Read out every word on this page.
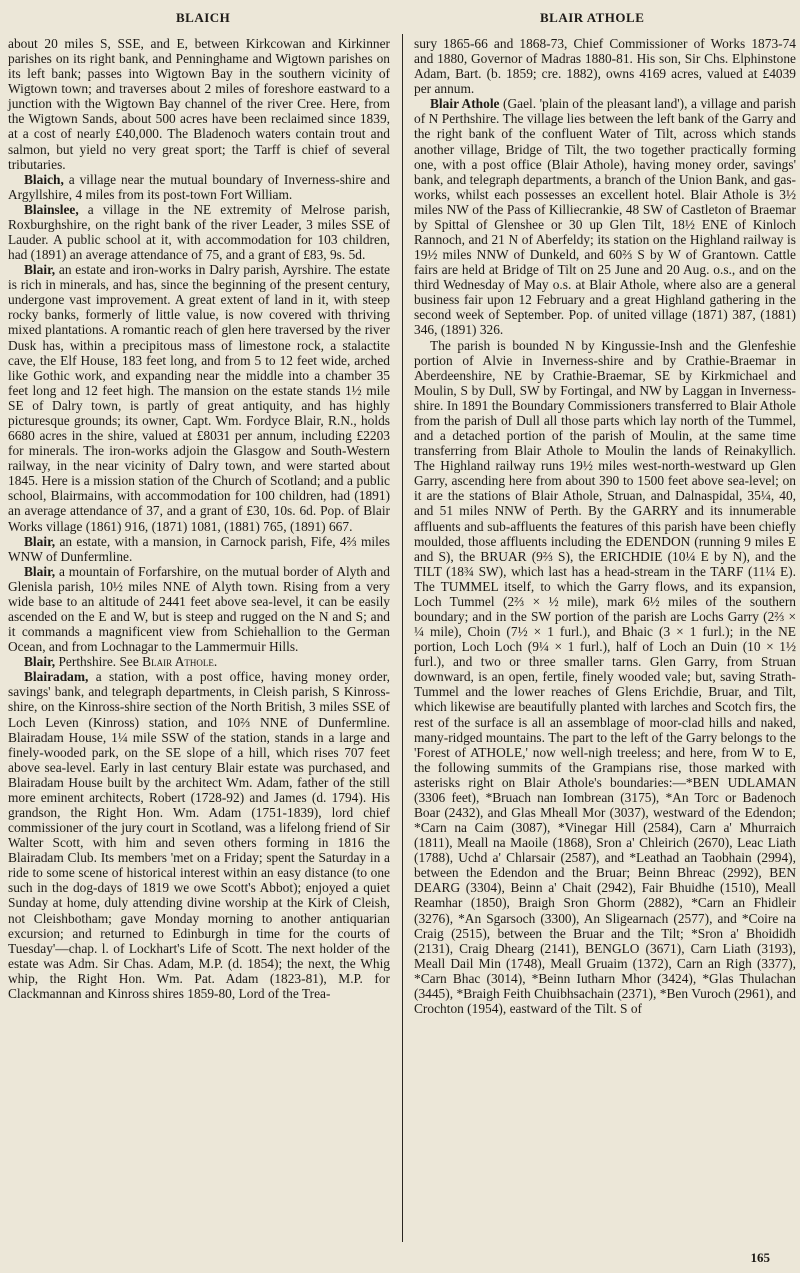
BLAICH	BLAIR ATHOLE

about 20 miles S, SSE, and E, between Kirkcowan and Kirkinner parishes on its right bank, and Penninghame and Wigtown parishes on its left bank; passes into Wigtown Bay in the southern vicinity of Wigtown town; and traverses about 2 miles of foreshore eastward to a junction with the Wigtown Bay channel of the river Cree. Here, from the Wigtown Sands, about 500 acres have been reclaimed since 1839, at a cost of nearly £40,000. The Bladenoch waters contain trout and salmon, but yield no very great sport; the Tarff is chief of several tributaries.

Blaich, a village near the mutual boundary of Inverness-shire and Argyllshire, 4 miles from its post-town Fort William.

Blainslee, a village in the NE extremity of Melrose parish, Roxburghshire, on the right bank of the river Leader, 3 miles SSE of Lauder. A public school at it, with accommodation for 103 children, had (1891) an average attendance of 75, and a grant of £83, 9s. 5d.

Blair, an estate and iron-works in Dalry parish, Ayrshire. The estate is rich in minerals, and has, since the beginning of the present century, undergone vast improvement. A great extent of land in it, with steep rocky banks, formerly of little value, is now covered with thriving mixed plantations. A romantic reach of glen here traversed by the river Dusk has, within a precipitous mass of limestone rock, a stalactite cave, the Elf House, 183 feet long, and from 5 to 12 feet wide, arched like Gothic work, and expanding near the middle into a chamber 35 feet long and 12 feet high. The mansion on the estate stands 1½ mile SE of Dalry town, is partly of great antiquity, and has highly picturesque grounds; its owner, Capt. Wm. Fordyce Blair, R.N., holds 6680 acres in the shire, valued at £8031 per annum, including £2203 for minerals. The iron-works adjoin the Glasgow and South-Western railway, in the near vicinity of Dalry town, and were started about 1845. Here is a mission station of the Church of Scotland; and a public school, Blairmains, with accommodation for 100 children, had (1891) an average attendance of 37, and a grant of £30, 10s. 6d. Pop. of Blair Works village (1861) 916, (1871) 1081, (1881) 765, (1891) 667.

Blair, an estate, with a mansion, in Carnock parish, Fife, 4⅔ miles WNW of Dunfermline.

Blair, a mountain of Forfarshire, on the mutual border of Alyth and Glenisla parish, 10½ miles NNE of Alyth town. Rising from a very wide base to an altitude of 2441 feet above sea-level, it can be easily ascended on the E and W, but is steep and rugged on the N and S; and it commands a magnificent view from Schiehallion to the German Ocean, and from Lochnagar to the Lammermuir Hills.

Blair, Perthshire. See Blair Athole.

Blairadam, a station, with a post office, having money order, savings' bank, and telegraph departments, in Cleish parish, S Kinross-shire, on the Kinross-shire section of the North British, 3 miles SSE of Loch Leven (Kinross) station, and 10⅔ NNE of Dunfermline. Blairadam House, 1¼ mile SSW of the station, stands in a large and finely-wooded park, on the SE slope of a hill, which rises 707 feet above sea-level. Early in last century Blair estate was purchased, and Blairadam House built by the architect Wm. Adam, father of the still more eminent architects, Robert (1728-92) and James (d. 1794). His grandson, the Right Hon. Wm. Adam (1751-1839), lord chief commissioner of the jury court in Scotland, was a lifelong friend of Sir Walter Scott, with him and seven others forming in 1816 the Blairadam Club. Its members 'met on a Friday; spent the Saturday in a ride to some scene of historical interest within an easy distance (to one such in the dog-days of 1819 we owe Scott's Abbot); enjoyed a quiet Sunday at home, duly attending divine worship at the Kirk of Cleish, not Cleishbotham; gave Monday morning to another antiquarian excursion; and returned to Edinburgh in time for the courts of Tuesday'—chap. l. of Lockhart's Life of Scott. The next holder of the estate was Adm. Sir Chas. Adam, M.P. (d. 1854); the next, the Whig whip, the Right Hon. Wm. Pat. Adam (1823-81), M.P. for Clackmannan and Kinross shires 1859-80, Lord of the Trea-

sury 1865-66 and 1868-73, Chief Commissioner of Works 1873-74 and 1880, Governor of Madras 1880-81. His son, Sir Chs. Elphinstone Adam, Bart. (b. 1859; cre. 1882), owns 4169 acres, valued at £4039 per annum.

Blair Athole (Gael. 'plain of the pleasant land'), a village and parish of N Perthshire. The village lies between the left bank of the Garry and the right bank of the confluent Water of Tilt, across which stands another village, Bridge of Tilt, the two together practically forming one, with a post office (Blair Athole), having money order, savings' bank, and telegraph departments, a branch of the Union Bank, and gas-works, whilst each possesses an excellent hotel. Blair Athole is 3½ miles NW of the Pass of Killiecrankie, 48 SW of Castleton of Braemar by Spittal of Glenshee or 30 up Glen Tilt, 18½ ENE of Kinloch Rannoch, and 21 N of Aberfeldy; its station on the Highland railway is 19½ miles NNW of Dunkeld, and 60⅔ S by W of Grantown. Cattle fairs are held at Bridge of Tilt on 25 June and 20 Aug. o.s., and on the third Wednesday of May o.s. at Blair Athole, where also are a general business fair upon 12 February and a great Highland gathering in the second week of September. Pop. of united village (1871) 387, (1881) 346, (1891) 326.

The parish is bounded N by Kingussie-Insh and the Glenfeshie portion of Alvie in Inverness-shire and by Crathie-Braemar in Aberdeenshire, NE by Crathie-Braemar, SE by Kirkmichael and Moulin, S by Dull, SW by Fortingal, and NW by Laggan in Inverness-shire. In 1891 the Boundary Commissioners transferred to Blair Athole from the parish of Dull all those parts which lay north of the Tummel, and a detached portion of the parish of Moulin, at the same time transferring from Blair Athole to Moulin the lands of Reinakyllich. The Highland railway runs 19½ miles west-north-westward up Glen Garry, ascending here from about 390 to 1500 feet above sea-level; on it are the stations of Blair Athole, Struan, and Dalnaspidal, 35¼, 40, and 51 miles NNW of Perth. By the GARRY and its innumerable affluents and sub-affluents the features of this parish have been chiefly moulded, those affluents including the EDENDON (running 9 miles E and S), the BRUAR (9⅔ S), the ERICHDIE (10¼ E by N), and the TILT (18¾ SW), which last has a head-stream in the TARF (11¼ E). The TUMMEL itself, to which the Garry flows, and its expansion, Loch Tummel (2⅔ × ½ mile), mark 6½ miles of the southern boundary; and in the SW portion of the parish are Lochs Garry (2⅔ × ¼ mile), Choin (7½ × 1 furl.), and Bhaic (3 × 1 furl.); in the NE portion, Loch Loch (9¼ × 1 furl.), half of Loch an Duin (10 × 1½ furl.), and two or three smaller tarns. Glen Garry, from Struan downward, is an open, fertile, finely wooded vale; but, saving Strath-Tummel and the lower reaches of Glens Erichdie, Bruar, and Tilt, which likewise are beautifully planted with larches and Scotch firs, the rest of the surface is all an assemblage of moor-clad hills and naked, many-ridged mountains. The part to the left of the Garry belongs to the 'Forest of ATHOLE,' now well-nigh treeless; and here, from W to E, the following summits of the Grampians rise, those marked with asterisks right on Blair Athole's boundaries:—*BEN UDLAMAN (3306 feet), *Bruach nan Iombrean (3175), *An Torc or Badenoch Boar (2432), and Glas Mheall Mor (3037), westward of the Edendon; *Carn na Caim (3087), *Vinegar Hill (2584), Carn a' Mhurraich (1811), Meall na Maoile (1868), Sron a' Chleirich (2670), Leac Liath (1788), Uchd a' Chlarsair (2587), and *Leathad an Taobhain (2994), between the Edendon and the Bruar; Beinn Bhreac (2992), BEN DEARG (3304), Beinn a' Chait (2942), Fair Bhuidhe (1510), Meall Reamhar (1850), Braigh Sron Ghorm (2882), *Carn an Fhidleir (3276), *An Sgarsoch (3300), An Sligearnach (2577), and *Coire na Craig (2515), between the Bruar and the Tilt; *Sron a' Bhoididh (2131), Craig Dhearg (2141), BENGLO (3671), Carn Liath (3193), Meall Dail Min (1748), Meall Gruaim (1372), Carn an Righ (3377), *Carn Bhac (3014), *Beinn Iutharn Mhor (3424), *Glas Thulachan (3445), *Braigh Feith Chuibhsachain (2371), *Ben Vuroch (2961), and Crochton (1954), eastward of the Tilt. S of

165
